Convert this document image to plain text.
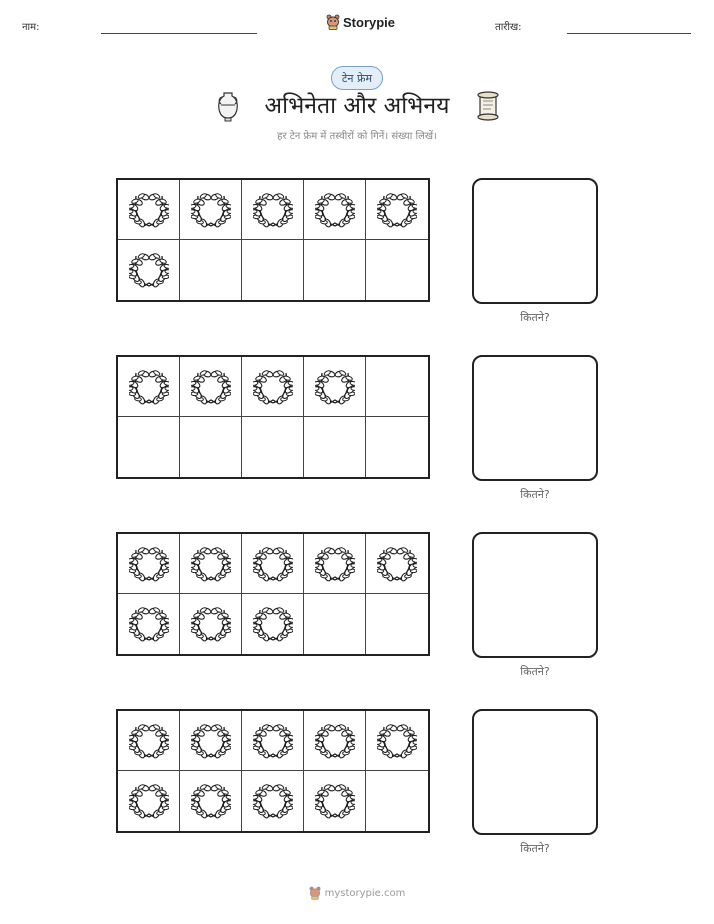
नाम:	Storypie	तारीख:
टेन फ्रेम
अभिनेता और अभिनय
हर टेन फ्रेम में तस्वीरों को गिनें। संख्या लिखें।
कितने?
कितने?
कितने?
कितने?
mystorypie.com
